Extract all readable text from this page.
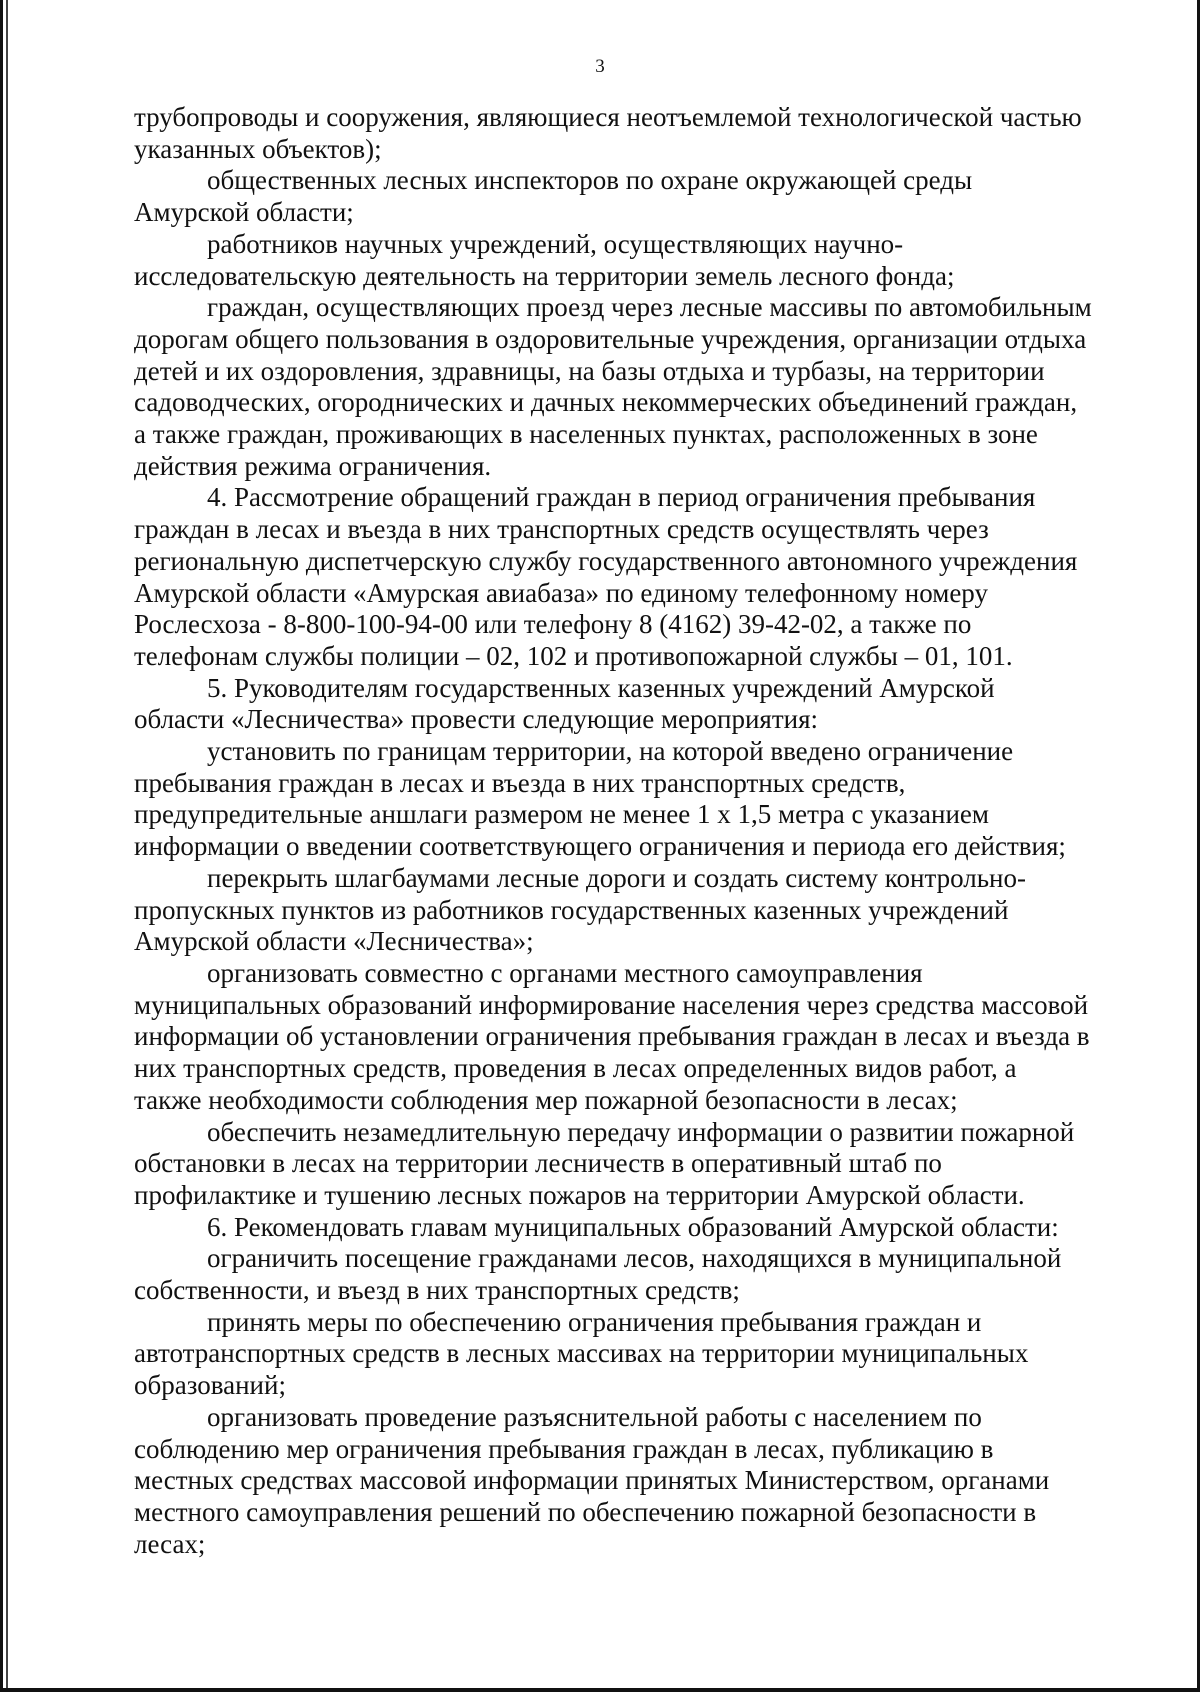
3

трубопроводы и сооружения, являющиеся неотъемлемой технологической частью
указанных объектов);

общественных лесных инспекторов по охране окружающей среды
Амурской области;

работников научных учреждений, осуществляющих научно-
исследовательскую деятельность на территории земель лесного фонда;

граждан, осуществляющих проезд через лесные массивы по автомобильным
дорогам общего пользования в оздоровительные учреждения, организации отдыха
детей и их оздоровления, здравницы, на базы отдыха и турбазы, на территории
садоводческих, огороднических и дачных некоммерческих объединений граждан,
а также граждан, проживающих в населенных пунктах, расположенных в зоне
действия режима ограничения.

4. Рассмотрение обращений граждан в период ограничения пребывания
граждан в лесах и въезда в них транспортных средств осуществлять через
региональную диспетчерскую службу государственного автономного учреждения
Амурской области «Амурская авиабаза» по единому телефонному номеру
Рослесхоза - 8-800-100-94-00 или телефону 8 (4162) 39-42-02, а также по
телефонам службы полиции – 02, 102 и противопожарной службы – 01, 101.

5. Руководителям государственных казенных учреждений Амурской
области «Лесничества» провести следующие мероприятия:

установить по границам территории, на которой введено ограничение
пребывания граждан в лесах и въезда в них транспортных средств,
предупредительные аншлаги размером не менее 1 х 1,5 метра с указанием
информации о введении соответствующего ограничения и периода его действия;

перекрыть шлагбаумами лесные дороги и создать систему контрольно-
пропускных пунктов из работников государственных казенных учреждений
Амурской области «Лесничества»;

организовать совместно с органами местного самоуправления
муниципальных образований информирование населения через средства массовой
информации об установлении ограничения пребывания граждан в лесах и въезда в
них транспортных средств, проведения в лесах определенных видов работ, а
также необходимости соблюдения мер пожарной безопасности в лесах;

обеспечить незамедлительную передачу информации о развитии пожарной
обстановки в лесах на территории лесничеств в оперативный штаб по
профилактике и тушению лесных пожаров на территории Амурской области.

6. Рекомендовать главам муниципальных образований Амурской области:

ограничить посещение гражданами лесов, находящихся в муниципальной
собственности, и въезд в них транспортных средств;

принять меры по обеспечению ограничения пребывания граждан и
автотранспортных средств в лесных массивах на территории муниципальных
образований;

организовать проведение разъяснительной работы с населением по
соблюдению мер ограничения пребывания граждан в лесах, публикацию в
местных средствах массовой информации принятых Министерством, органами
местного самоуправления решений по обеспечению пожарной безопасности в
лесах;
